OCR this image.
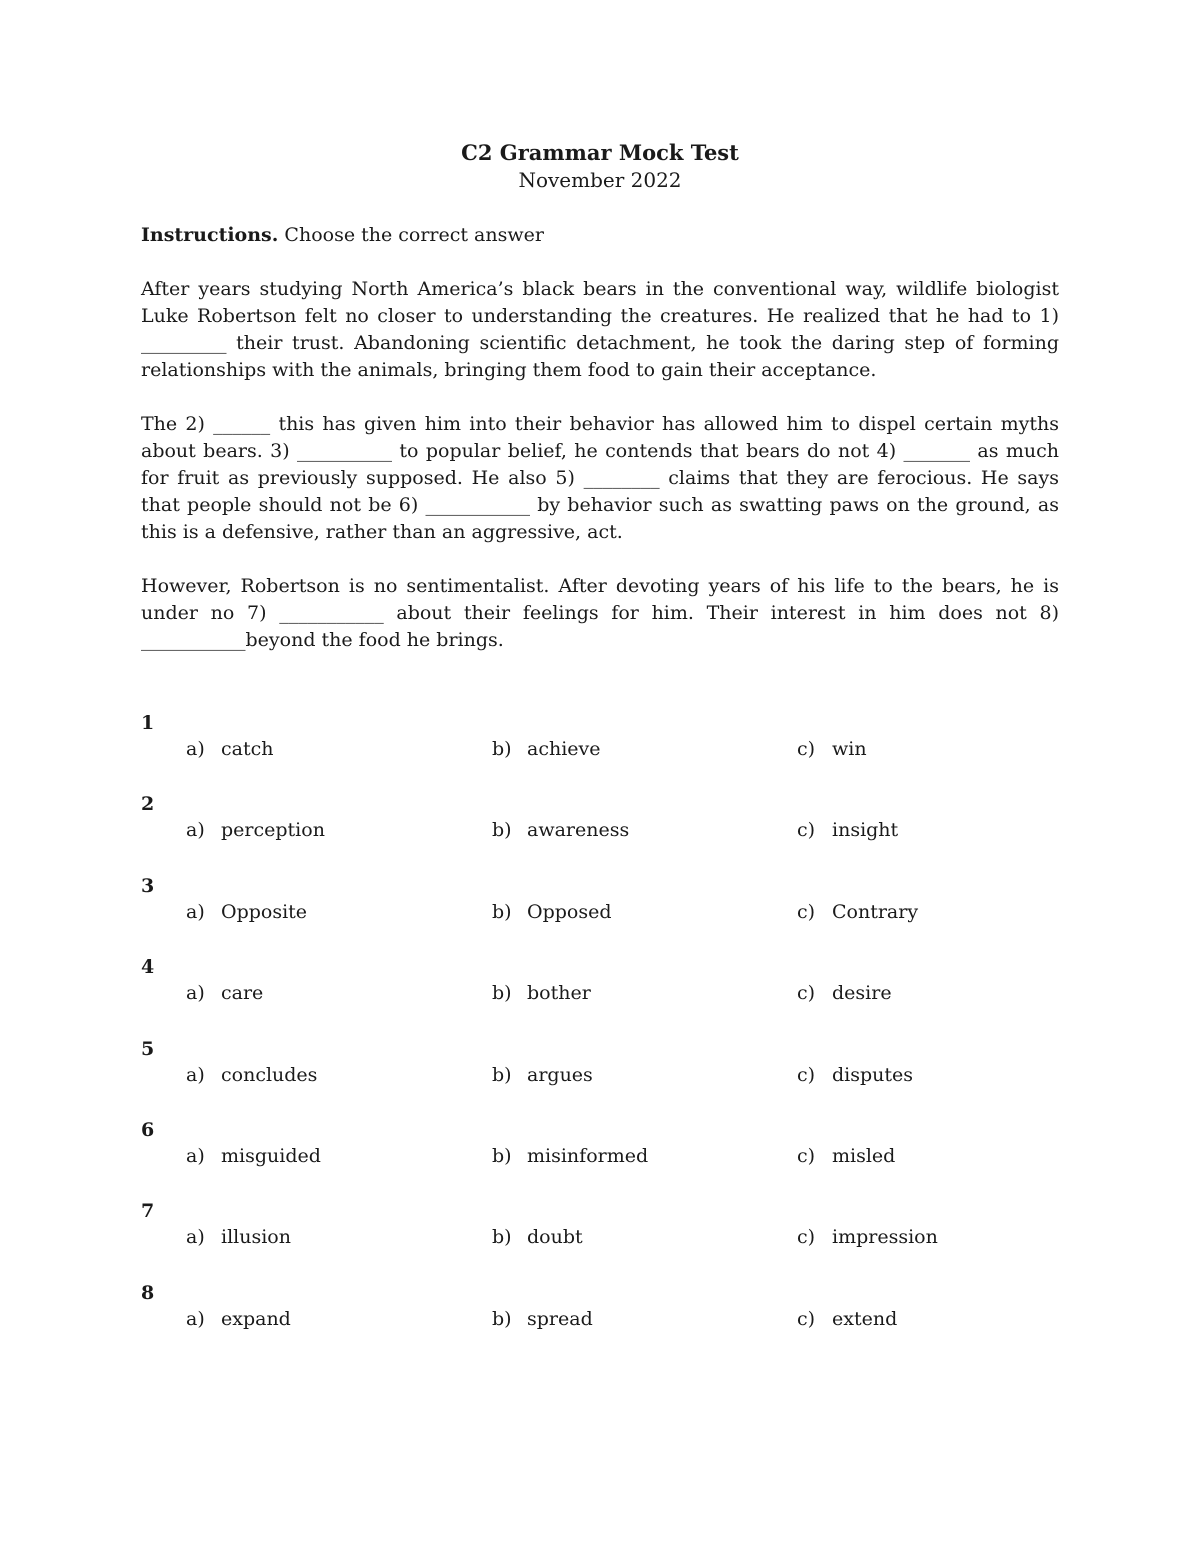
C2 Grammar Mock Test
November 2022
Instructions. Choose the correct answer
After years studying North America’s black bears in the conventional way, wildlife biologist Luke Robertson felt no closer to understanding the creatures. He realized that he had to 1) _________ their trust. Abandoning scientific detachment, he took the daring step of forming relationships with the animals, bringing them food to gain their acceptance.
The 2) ______ this has given him into their behavior has allowed him to dispel certain myths about bears. 3) __________ to popular belief, he contends that bears do not 4) _______ as much for fruit as previously supposed. He also 5) ________ claims that they are ferocious. He says that people should not be 6) ___________ by behavior such as swatting paws on the ground, as this is a defensive, rather than an aggressive, act.
However, Robertson is no sentimentalist. After devoting years of his life to the bears, he is under no 7) ___________ about their feelings for him. Their interest in him does not 8) ___________beyond the food he brings.
1
a) catch	b) achieve	c) win
2
a) perception	b) awareness	c) insight
3
a) Opposite	b) Opposed	c) Contrary
4
a) care	b) bother	c) desire
5
a) concludes	b) argues	c) disputes
6
a) misguided	b) misinformed	c) misled
7
a) illusion	b) doubt	c) impression
8
a) expand	b) spread	c) extend
